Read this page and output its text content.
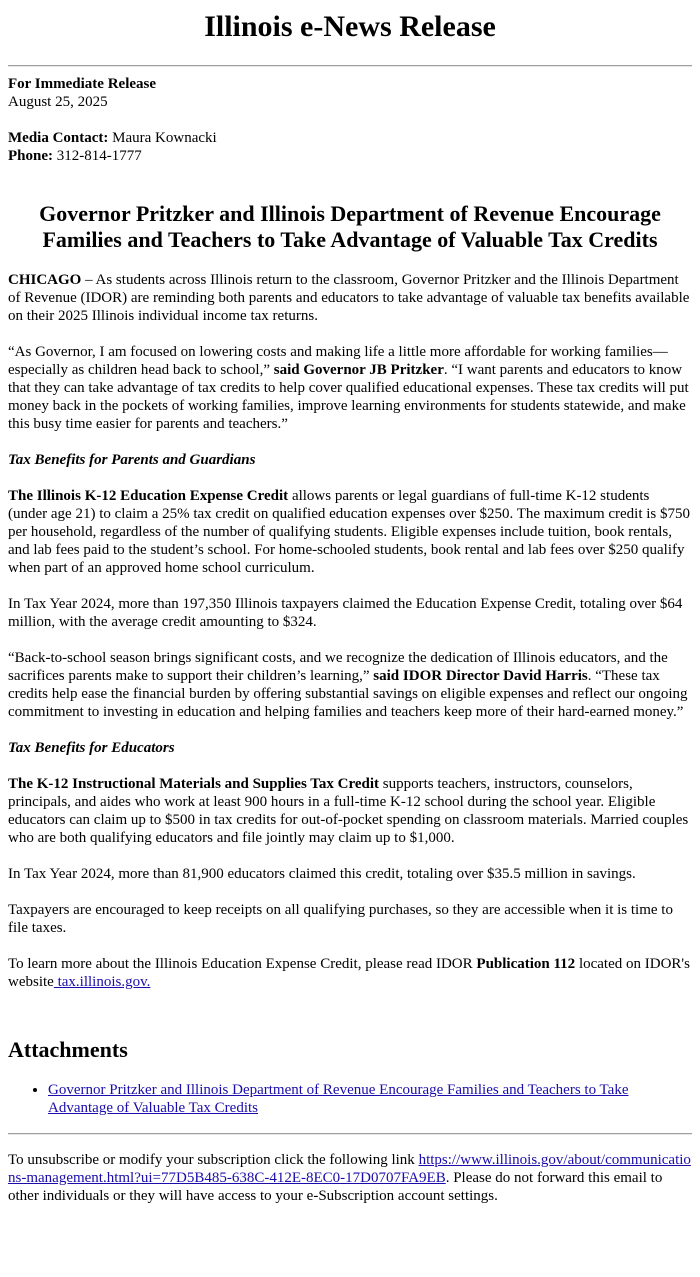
Illinois e-News Release
For Immediate Release
August 25, 2025
Media Contact: Maura Kownacki
Phone: 312-814-1777
Governor Pritzker and Illinois Department of Revenue Encourage Families and Teachers to Take Advantage of Valuable Tax Credits

CHICAGO – As students across Illinois return to the classroom, Governor Pritzker and the Illinois Department of Revenue (IDOR) are reminding both parents and educators to take advantage of valuable tax benefits available on their 2025 Illinois individual income tax returns.

“As Governor, I am focused on lowering costs and making life a little more affordable for working families—especially as children head back to school,” said Governor JB Pritzker. “I want parents and educators to know that they can take advantage of tax credits to help cover qualified educational expenses. These tax credits will put money back in the pockets of working families, improve learning environments for students statewide, and make this busy time easier for parents and teachers.”

Tax Benefits for Parents and Guardians

The Illinois K-12 Education Expense Credit allows parents or legal guardians of full-time K-12 students (under age 21) to claim a 25% tax credit on qualified education expenses over $250. The maximum credit is $750 per household, regardless of the number of qualifying students. Eligible expenses include tuition, book rentals, and lab fees paid to the student’s school. For home-schooled students, book rental and lab fees over $250 qualify when part of an approved home school curriculum.

In Tax Year 2024, more than 197,350 Illinois taxpayers claimed the Education Expense Credit, totaling over $64 million, with the average credit amounting to $324.

“Back-to-school season brings significant costs, and we recognize the dedication of Illinois educators, and the sacrifices parents make to support their children’s learning,” said IDOR Director David Harris. “These tax credits help ease the financial burden by offering substantial savings on eligible expenses and reflect our ongoing commitment to investing in education and helping families and teachers keep more of their hard-earned money.”

Tax Benefits for Educators

The K-12 Instructional Materials and Supplies Tax Credit supports teachers, instructors, counselors, principals, and aides who work at least 900 hours in a full-time K-12 school during the school year. Eligible educators can claim up to $500 in tax credits for out-of-pocket spending on classroom materials. Married couples who are both qualifying educators and file jointly may claim up to $1,000.

In Tax Year 2024, more than 81,900 educators claimed this credit, totaling over $35.5 million in savings.

Taxpayers are encouraged to keep receipts on all qualifying purchases, so they are accessible when it is time to file taxes.

To learn more about the Illinois Education Expense Credit, please read IDOR Publication 112 located on IDOR's website tax.illinois.gov.

Attachments
• Governor Pritzker and Illinois Department of Revenue Encourage Families and Teachers to Take Advantage of Valuable Tax Credits

To unsubscribe or modify your subscription click the following link https://www.illinois.gov/about/communications-management.html?ui=77D5B485-638C-412E-8EC0-17D0707FA9EB. Please do not forward this email to other individuals or they will have access to your e-Subscription account settings.
